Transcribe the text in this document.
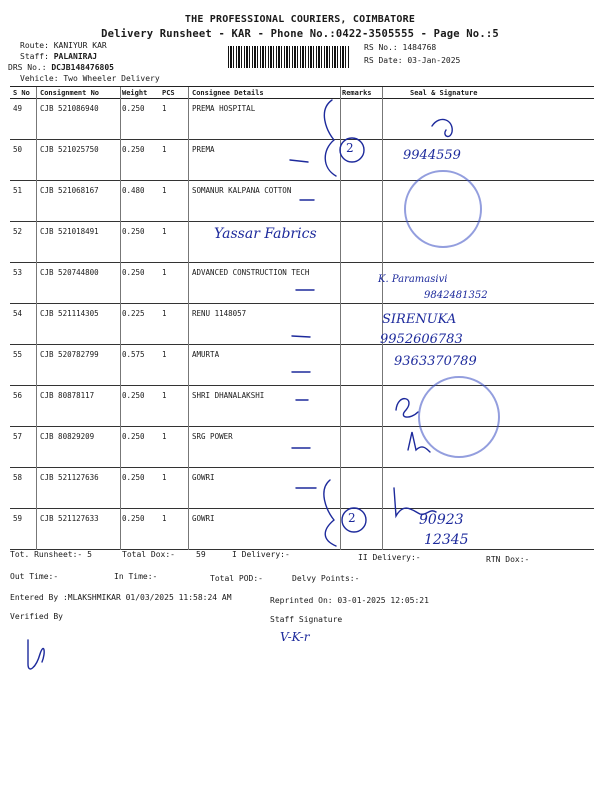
THE PROFESSIONAL COURIERS, COIMBATORE
Delivery Runsheet - KAR - Phone No.:0422-3505555 - Page No.:5
Route: KANIYUR KAR
Staff: PALANIRAJ
DRS No.: DCJB148476805
Vehicle: Two Wheeler Delivery
RS No.: 1484768
RS Date: 03-Jan-2025
S No Consignment No	Weight PCS Consignee Details	Remarks	Seal & Signature
49 CJB 521086940	0.250 1	PREMA HOSPITAL
50 CJB 521025750	0.250 1	PREMA
51 CJB 521068167	0.480 1	SOMANUR KALPANA COTTON
52 CJB 521018491	0.250 1
53 CJB 520744800	0.250 1	ADVANCED CONSTRUCTION TECH
54 CJB 521114305	0.225 1	RENU 1148057
55 CJB 520782799	0.575 1	AMURTA
56 CJB 80878117	0.250 1	SHRI DHANALAKSHI
57 CJB 80829209	0.250 1	SRG POWER
58 CJB 521127636	0.250 1	GOWRI
59 CJB 521127633	0.250 1	GOWRI
9944559
Yassar Fabrics
K. Paramasivi
9842481352
SIRENUKA
9952606783
9363370789
90923
12345
2
2
V-K-r
Tot. Runsheet:- 5	Total Dox:-	59	I Delivery:-	II Delivery:-	RTN Dox:-
Out Time:-	In Time:-	Total POD:-	Delvy Points:-
Entered By :MLAKSHMIKAR 01/03/2025 11:58:24 AM	Reprinted On: 03-01-2025 12:05:21
Verified By	Staff Signature
